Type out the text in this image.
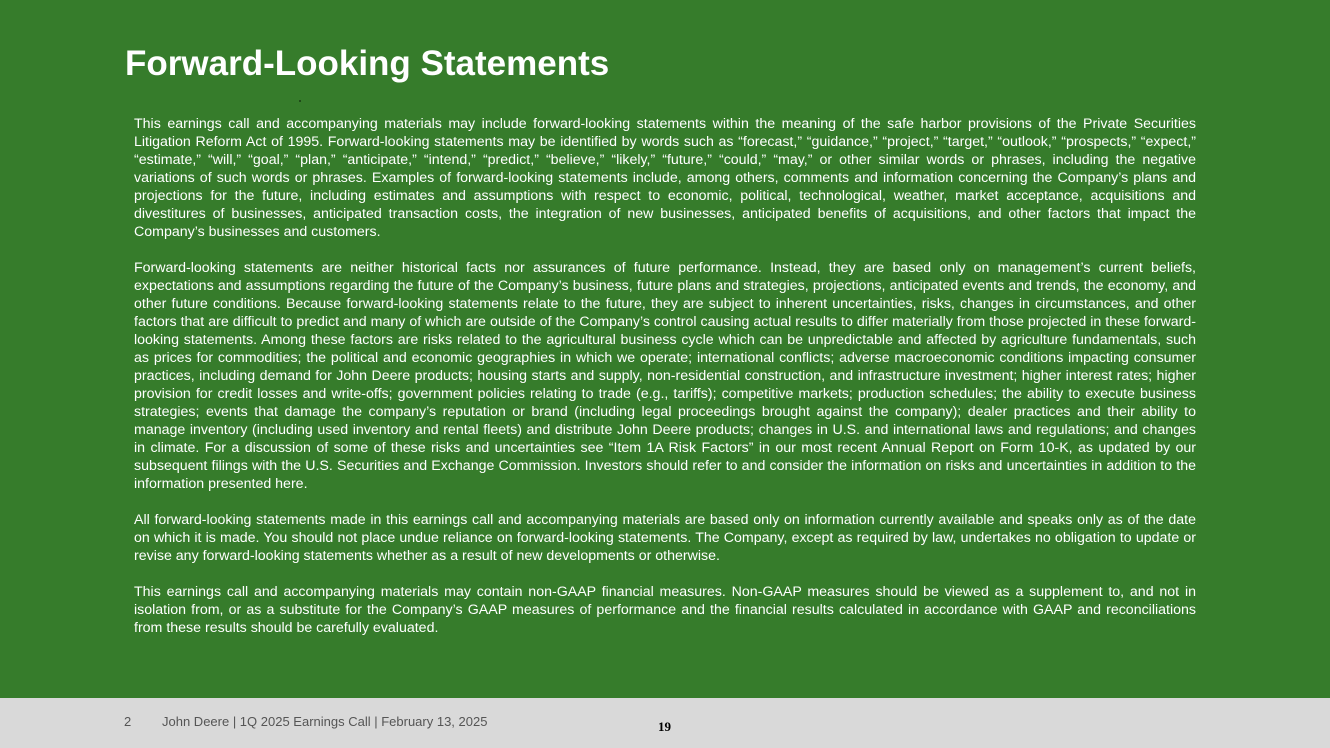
Forward-Looking Statements

This earnings call and accompanying materials may include forward-looking statements within the meaning of the safe harbor provisions of the Private Securities Litigation Reform Act of 1995. Forward-looking statements may be identified by words such as “forecast,” “guidance,” “project,” “target,” “outlook,” “prospects,” “expect,” “estimate,” “will,” “goal,” “plan,” “anticipate,” “intend,” “predict,” “believe,” “likely,” “future,” “could,” “may,” or other similar words or phrases, including the negative variations of such words or phrases. Examples of forward-looking statements include, among others, comments and information concerning the Company’s plans and projections for the future, including estimates and assumptions with respect to economic, political, technological, weather, market acceptance, acquisitions and divestitures of businesses, anticipated transaction costs, the integration of new businesses, anticipated benefits of acquisitions, and other factors that impact the Company’s businesses and customers.

Forward-looking statements are neither historical facts nor assurances of future performance. Instead, they are based only on management’s current beliefs, expectations and assumptions regarding the future of the Company’s business, future plans and strategies, projections, anticipated events and trends, the economy, and other future conditions. Because forward-looking statements relate to the future, they are subject to inherent uncertainties, risks, changes in circumstances, and other factors that are difficult to predict and many of which are outside of the Company’s control causing actual results to differ materially from those projected in these forward-looking statements. Among these factors are risks related to the agricultural business cycle which can be unpredictable and affected by agriculture fundamentals, such as prices for commodities; the political and economic geographies in which we operate; international conflicts; adverse macroeconomic conditions impacting consumer practices, including demand for John Deere products; housing starts and supply, non-residential construction, and infrastructure investment; higher interest rates; higher provision for credit losses and write-offs; government policies relating to trade (e.g., tariffs); competitive markets; production schedules; the ability to execute business strategies; events that damage the company’s reputation or brand (including legal proceedings brought against the company); dealer practices and their ability to manage inventory (including used inventory and rental fleets) and distribute John Deere products; changes in U.S. and international laws and regulations; and changes in climate. For a discussion of some of these risks and uncertainties see “Item 1A Risk Factors” in our most recent Annual Report on Form 10-K, as updated by our subsequent filings with the U.S. Securities and Exchange Commission. Investors should refer to and consider the information on risks and uncertainties in addition to the information presented here.

All forward-looking statements made in this earnings call and accompanying materials are based only on information currently available and speaks only as of the date on which it is made. You should not place undue reliance on forward-looking statements. The Company, except as required by law, undertakes no obligation to update or revise any forward-looking statements whether as a result of new developments or otherwise.

This earnings call and accompanying materials may contain non-GAAP financial measures. Non-GAAP measures should be viewed as a supplement to, and not in isolation from, or as a substitute for the Company’s GAAP measures of performance and the financial results calculated in accordance with GAAP and reconciliations from these results should be carefully evaluated.

2 John Deere | 1Q 2025 Earnings Call | February 13, 2025	19
